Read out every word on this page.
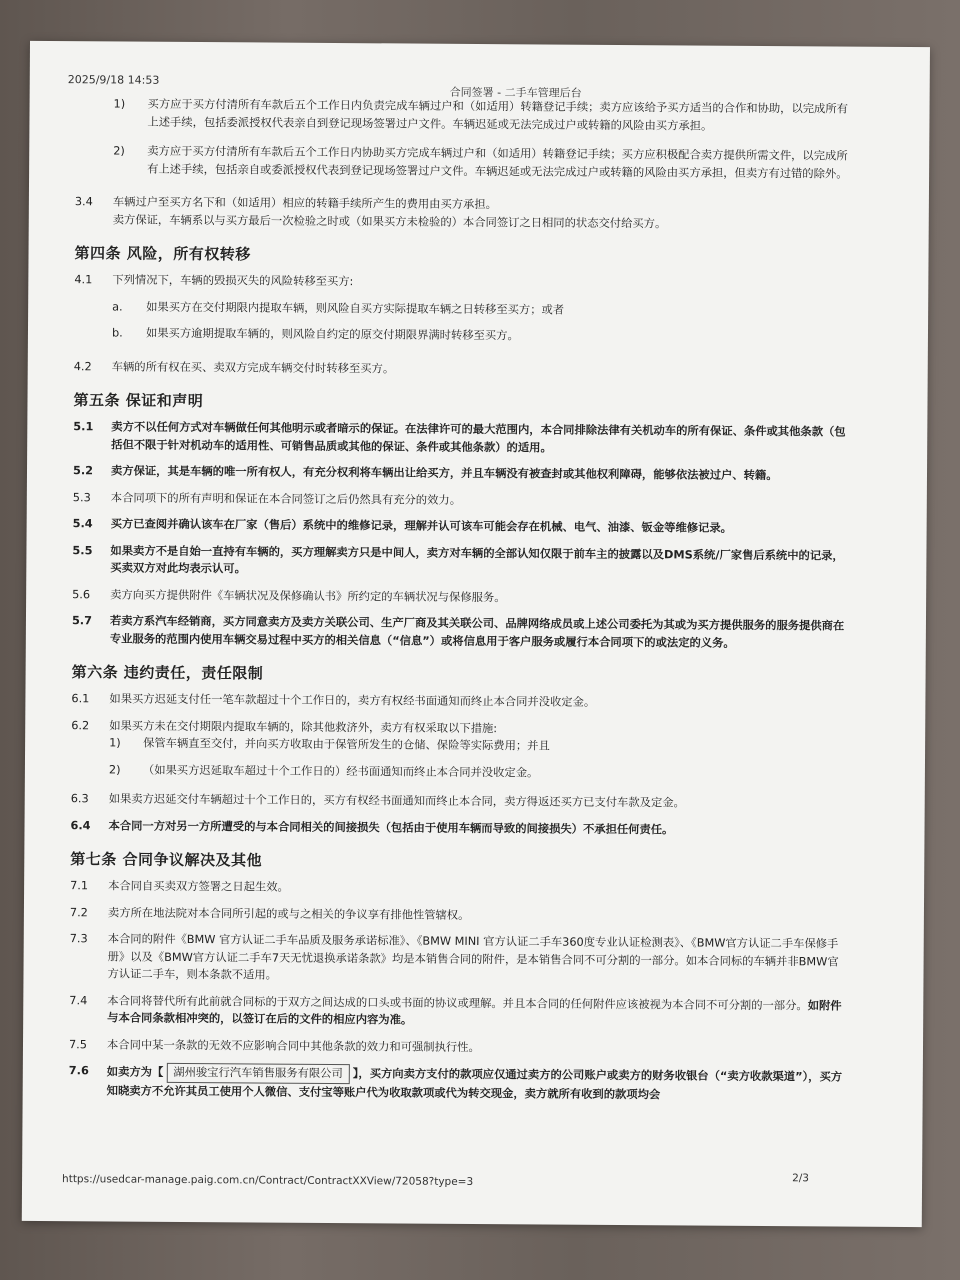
2025/9/18 14:53
合同签署 - 二手车管理后台
1) 买方应于买方付清所有车款后五个工作日内负责完成车辆过户和（如适用）转籍登记手续；卖方应该给予买方适当的合作和协助，以完成所有上述手续，包括委派授权代表亲自到登记现场签署过户文件。车辆迟延或无法完成过户或转籍的风险由买方承担。
2) 卖方应于买方付清所有车款后五个工作日内协助买方完成车辆过户和（如适用）转籍登记手续；买方应积极配合卖方提供所需文件，以完成所有上述手续，包括亲自或委派授权代表到登记现场签署过户文件。车辆迟延或无法完成过户或转籍的风险由买方承担，但卖方有过错的除外。
3.4 车辆过户至买方名下和（如适用）相应的转籍手续所产生的费用由买方承担。
卖方保证，车辆系以与买方最后一次检验之时或（如果买方未检验的）本合同签订之日相同的状态交付给买方。
第四条 风险，所有权转移
4.1 下列情况下，车辆的毁损灭失的风险转移至买方:
a. 如果买方在交付期限内提取车辆，则风险自买方实际提取车辆之日转移至买方；或者
b. 如果买方逾期提取车辆的，则风险自约定的原交付期限界满时转移至买方。
4.2 车辆的所有权在买、卖双方完成车辆交付时转移至买方。
第五条 保证和声明
5.1 卖方不以任何方式对车辆做任何其他明示或者暗示的保证。在法律许可的最大范围内，本合同排除法律有关机动车的所有保证、条件或其他条款（包括但不限于针对机动车的适用性、可销售品质或其他的保证、条件或其他条款）的适用。
5.2 卖方保证，其是车辆的唯一所有权人，有充分权利将车辆出让给买方，并且车辆没有被查封或其他权利障碍，能够依法被过户、转籍。
5.3 本合同项下的所有声明和保证在本合同签订之后仍然具有充分的效力。
5.4 买方已查阅并确认该车在厂家（售后）系统中的维修记录，理解并认可该车可能会存在机械、电气、油漆、钣金等维修记录。
5.5 如果卖方不是自始一直持有车辆的，买方理解卖方只是中间人，卖方对车辆的全部认知仅限于前车主的披露以及DMS系统/厂家售后系统中的记录，买卖双方对此均表示认可。
5.6 卖方向买方提供附件《车辆状况及保修确认书》所约定的车辆状况与保修服务。
5.7 若卖方系汽车经销商，买方同意卖方及卖方关联公司、生产厂商及其关联公司、品牌网络成员或上述公司委托为其或为买方提供服务的服务提供商在专业服务的范围内使用车辆交易过程中买方的相关信息（“信息”）或将信息用于客户服务或履行本合同项下的或法定的义务。
第六条 违约责任，责任限制
6.1 如果买方迟延支付任一笔车款超过十个工作日的，卖方有权经书面通知而终止本合同并没收定金。
6.2 如果买方未在交付期限内提取车辆的，除其他救济外，卖方有权采取以下措施:
1) 保管车辆直至交付，并向买方收取由于保管所发生的仓储、保险等实际费用；并且
2) （如果买方迟延取车超过十个工作日的）经书面通知而终止本合同并没收定金。
6.3 如果卖方迟延交付车辆超过十个工作日的，买方有权经书面通知而终止本合同，卖方得返还买方已支付车款及定金。
6.4 本合同一方对另一方所遭受的与本合同相关的间接损失（包括由于使用车辆而导致的间接损失）不承担任何责任。
第七条 合同争议解决及其他
7.1 本合同自买卖双方签署之日起生效。
7.2 卖方所在地法院对本合同所引起的或与之相关的争议享有排他性管辖权。
7.3 本合同的附件《BMW 官方认证二手车品质及服务承诺标准》、《BMW MINI 官方认证二手车360度专业认证检测表》、《BMW官方认证二手车保修手册》以及《BMW官方认证二手车7天无忧退换承诺条款》均是本销售合同的附件，是本销售合同不可分割的一部分。如本合同标的车辆并非BMW官方认证二手车，则本条款不适用。
7.4 本合同将替代所有此前就合同标的于双方之间达成的口头或书面的协议或理解。并且本合同的任何附件应该被视为本合同不可分割的一部分。如附件与本合同条款相冲突的，以签订在后的文件的相应内容为准。
7.5 本合同中某一条款的无效不应影响合同中其他条款的效力和可强制执行性。
7.6 如卖方为【 湖州骏宝行汽车销售服务有限公司 】，买方向卖方支付的款项应仅通过卖方的公司账户或卖方的财务收银台（“卖方收款渠道”），买方知晓卖方不允许其员工使用个人微信、支付宝等账户代为收取款项或代为转交现金，卖方就所有收到的款项均会
https://usedcar-manage.paig.com.cn/Contract/ContractXXView/72058?type=3	2/3
